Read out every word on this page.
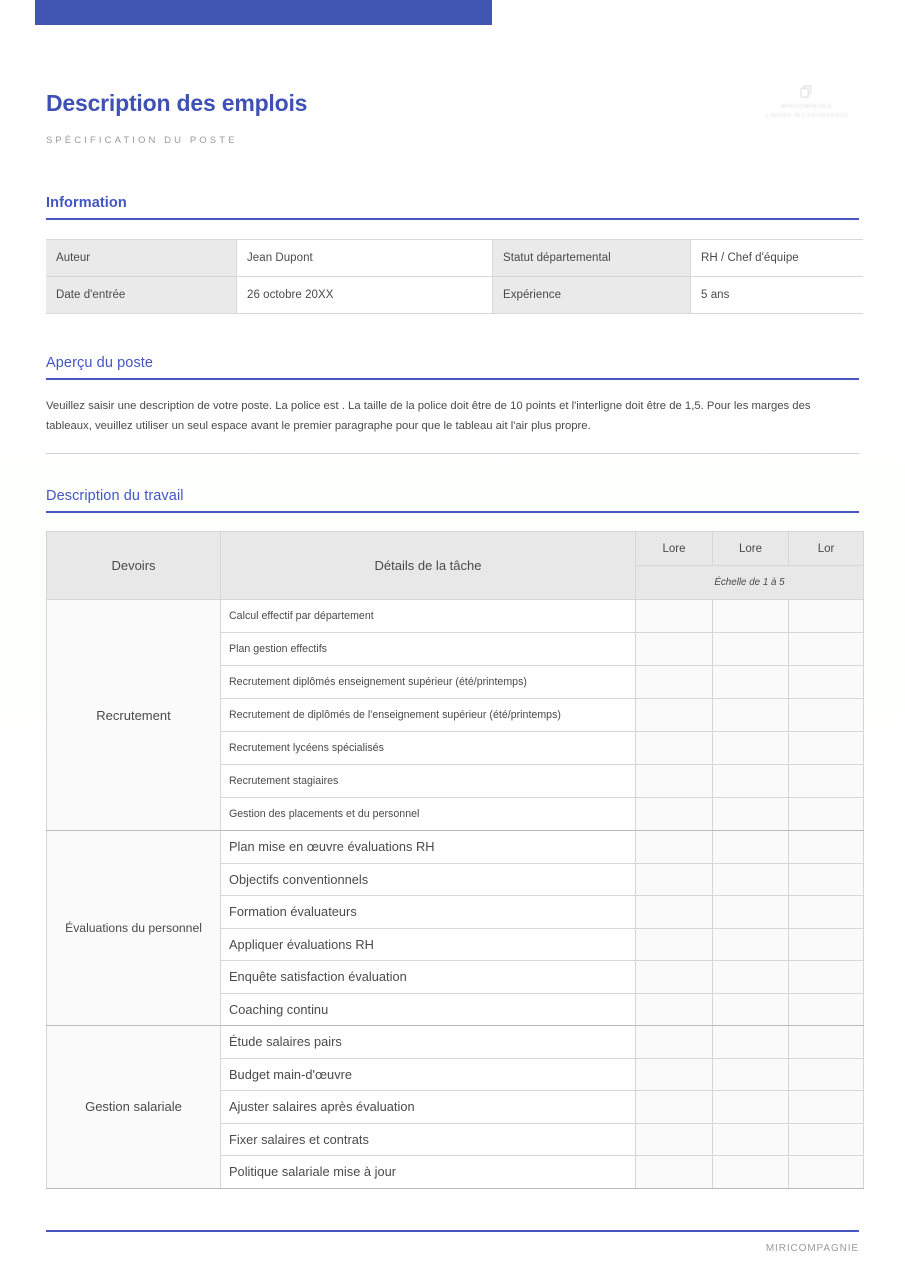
Description des emplois
SPÉCIFICATION DU POSTE
MIRICOMPAGNIE
L'AVENIR DES ENTREPRISES
Information
Auteur	Jean Dupont	Statut départemental	RH / Chef d'équipe
Date d'entrée	26 octobre 20XX	Expérience	5 ans
Aperçu du poste
Veuillez saisir une description de votre poste. La police est . La taille de la police doit être de 10 points et l'interligne doit être de 1,5. Pour les marges des tableaux, veuillez utiliser un seul espace avant le premier paragraphe pour que le tableau ait l'air plus propre.
Description du travail
Devoirs	Détails de la tâche	Lore	Lore	Lor
		Échelle de 1 à 5		
Recrutement	Calcul effectif par département			
	Plan gestion effectifs			
	Recrutement diplômés enseignement supérieur (été/printemps)			
	Recrutement de diplômés de l'enseignement supérieur (été/printemps)			
	Recrutement lycéens spécialisés			
	Recrutement stagiaires			
	Gestion des placements et du personnel			
Évaluations du personnel	Plan mise en œuvre évaluations RH			
	Objectifs conventionnels			
	Formation évaluateurs			
	Appliquer évaluations RH			
	Enquête satisfaction évaluation			
	Coaching continu			
Gestion salariale	Étude salaires pairs			
	Budget main-d'œuvre			
	Ajuster salaires après évaluation			
	Fixer salaires et contrats			
	Politique salariale mise à jour			
MIRICOMPAGNIE
